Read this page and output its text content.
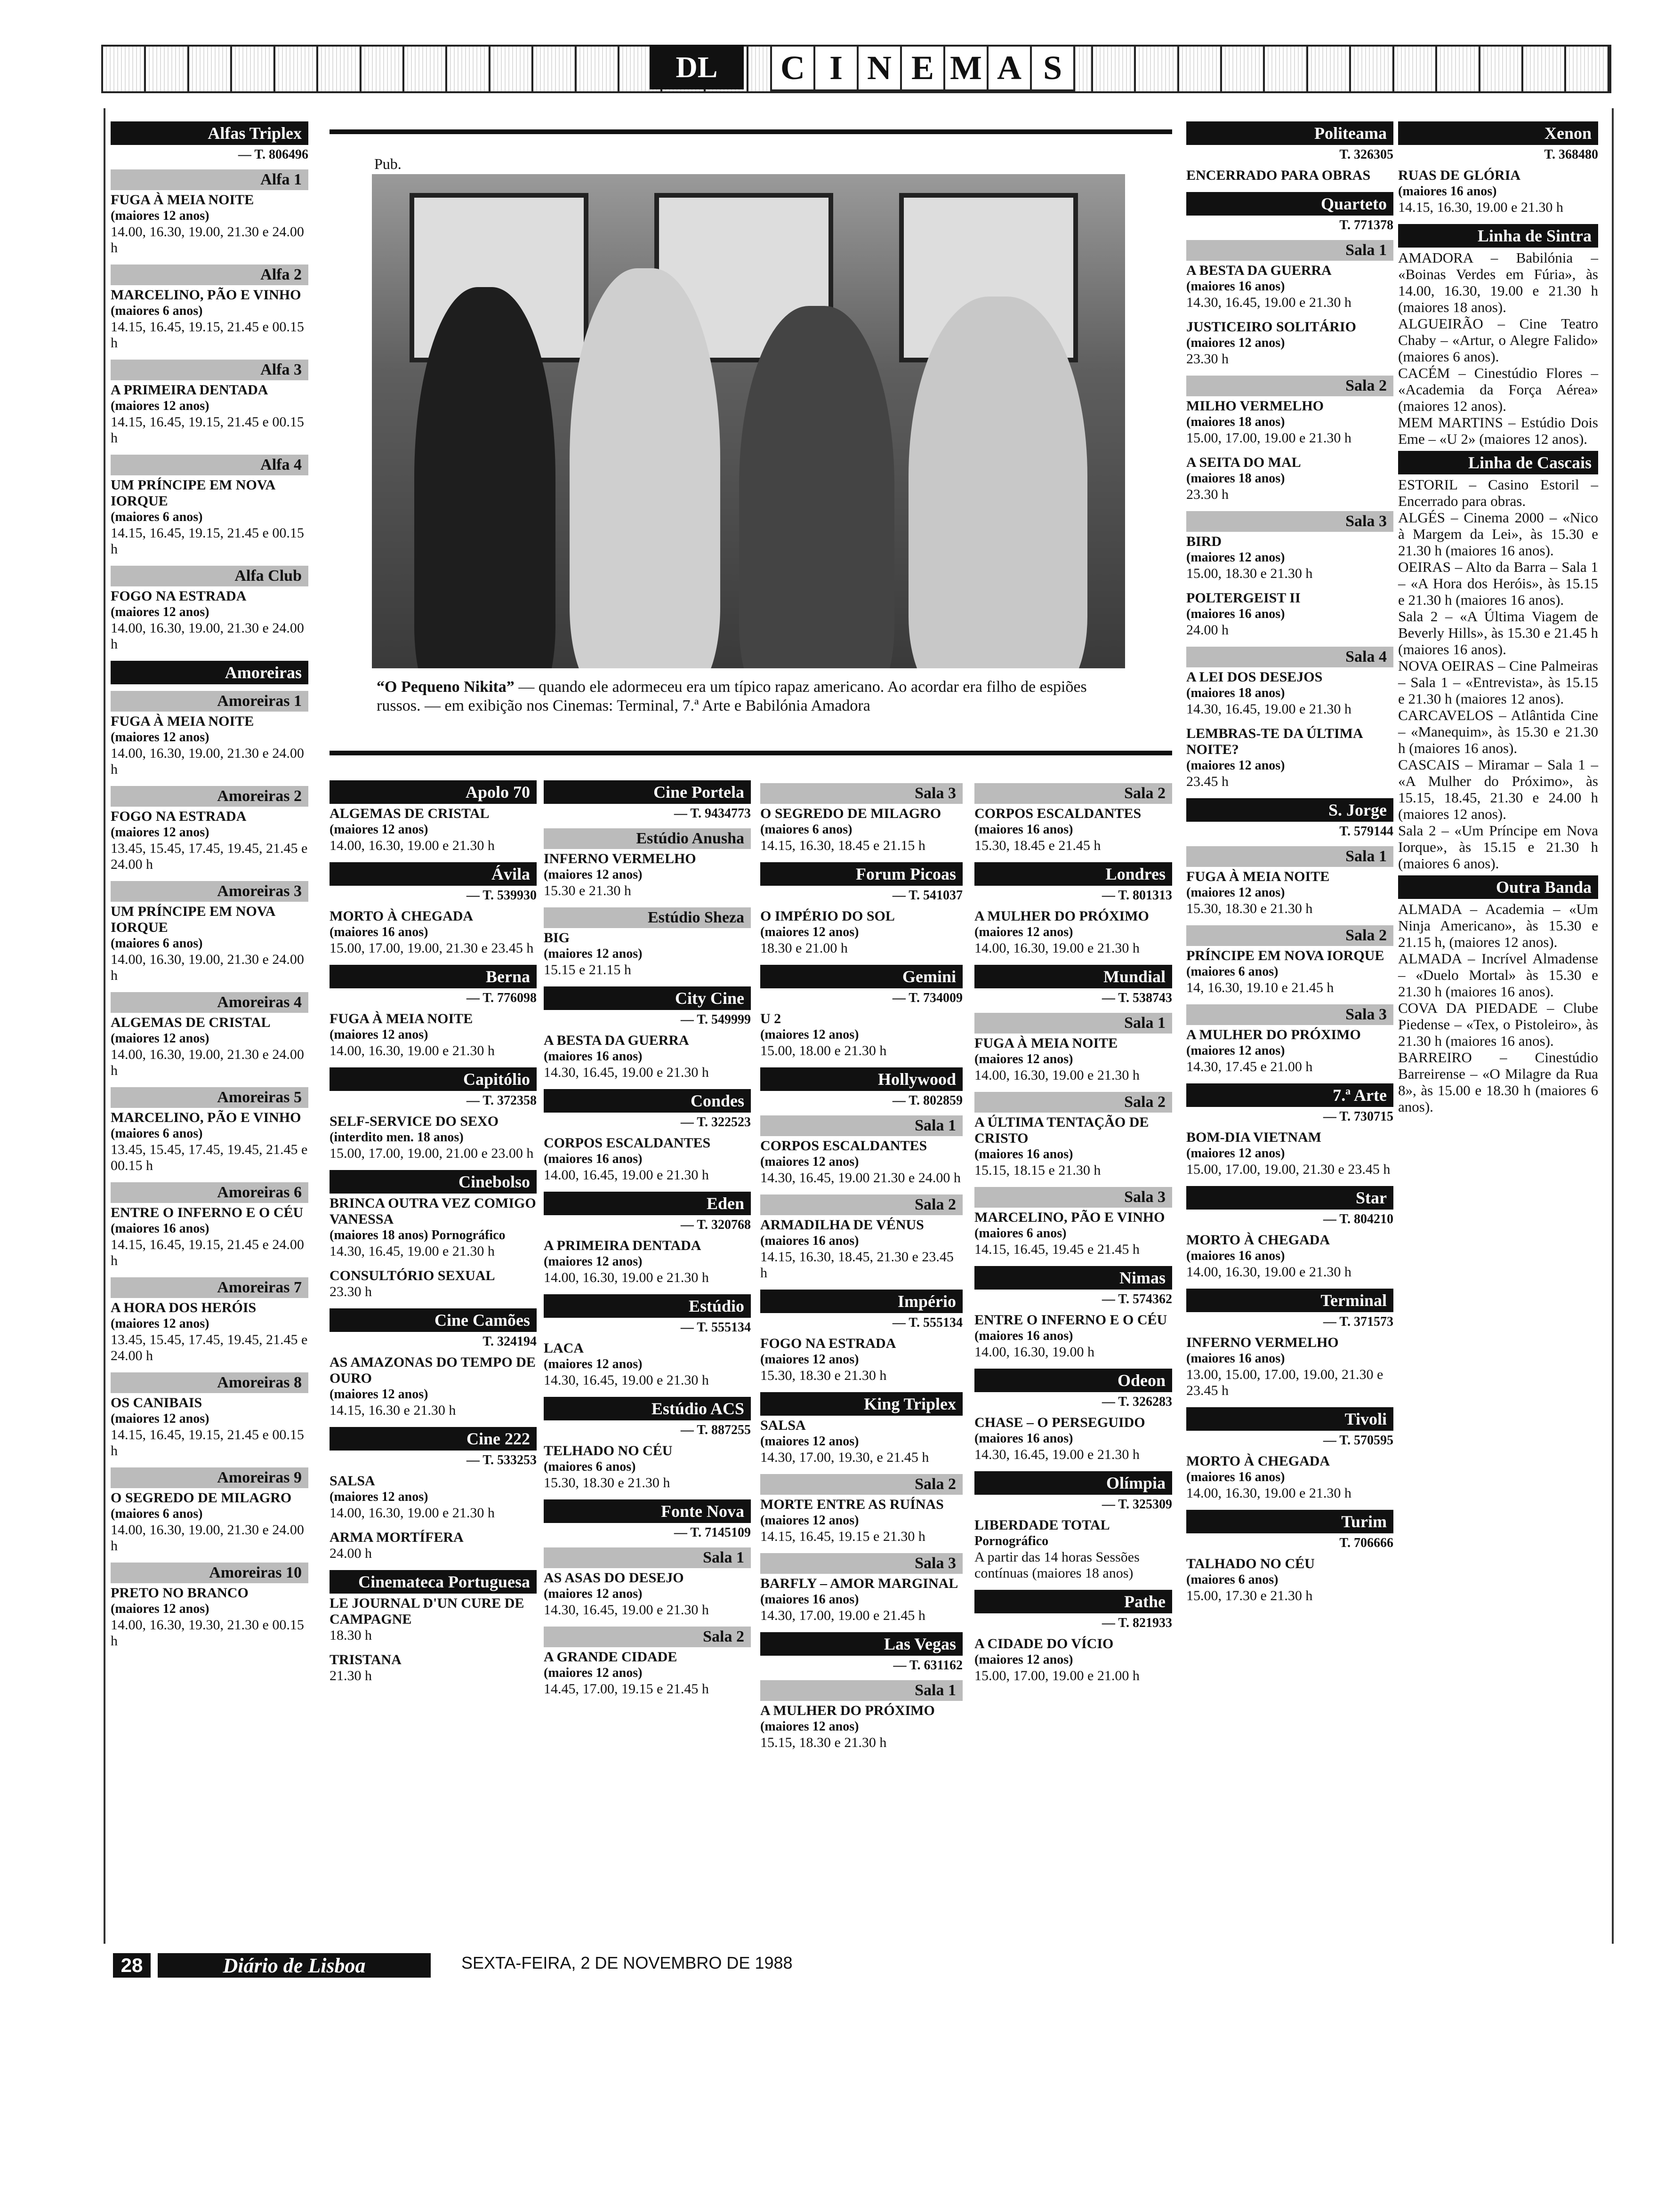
DL	C I N E M A S
Alfas Triplex
— T. 806496
Alfa 1

FUGA À MEIA NOITE

(maiores 12 anos)

14.00, 16.30, 19.00, 21.30 e 24.00 h

Alfa 2

MARCELINO, PÃO E VINHO

(maiores 6 anos)

14.15, 16.45, 19.15, 21.45 e 00.15 h

Alfa 3

A PRIMEIRA DENTADA

(maiores 12 anos)

14.15, 16.45, 19.15, 21.45 e 00.15 h

Alfa 4

UM PRÍNCIPE EM NOVA IORQUE

(maiores 6 anos)

14.15, 16.45, 19.15, 21.45 e 00.15 h

Alfa Club

FOGO NA ESTRADA

(maiores 12 anos)

14.00, 16.30, 19.00, 21.30 e 24.00 h

Amoreiras
Amoreiras 1

FUGA À MEIA NOITE

(maiores 12 anos)

14.00, 16.30, 19.00, 21.30 e 24.00 h

Amoreiras 2

FOGO NA ESTRADA

(maiores 12 anos)

13.45, 15.45, 17.45, 19.45, 21.45 e 24.00 h

Amoreiras 3

UM PRÍNCIPE EM NOVA IORQUE

(maiores 6 anos)

14.00, 16.30, 19.00, 21.30 e 24.00 h

Amoreiras 4

ALGEMAS DE CRISTAL

(maiores 12 anos)

14.00, 16.30, 19.00, 21.30 e 24.00 h

Amoreiras 5

MARCELINO, PÃO E VINHO

(maiores 6 anos)

13.45, 15.45, 17.45, 19.45, 21.45 e 00.15 h

Amoreiras 6

ENTRE O INFERNO E O CÉU

(maiores 16 anos)

14.15, 16.45, 19.15, 21.45 e 24.00 h

Amoreiras 7

A HORA DOS HERÓIS

(maiores 12 anos)

13.45, 15.45, 17.45, 19.45, 21.45 e 24.00 h

Amoreiras 8

OS CANIBAIS

(maiores 12 anos)

14.15, 16.45, 19.15, 21.45 e 00.15 h

Amoreiras 9

O SEGREDO DE MILAGRO

(maiores 6 anos)

14.00, 16.30, 19.00, 21.30 e 24.00 h

Amoreiras 10

PRETO NO BRANCO

(maiores 12 anos)

14.00, 16.30, 19.30, 21.30 e 00.15 h

Apolo 70

ALGEMAS DE CRISTAL

(maiores 12 anos)

14.00, 16.30, 19.00 e 21.30 h

Ávila
— T. 539930

MORTO À CHEGADA

(maiores 16 anos)

15.00, 17.00, 19.00, 21.30 e 23.45 h

Berna
— T. 776098

FUGA À MEIA NOITE

(maiores 12 anos)

14.00, 16.30, 19.00 e 21.30 h

Capitólio
— T. 372358

SELF-SERVICE DO SEXO

(interdito men. 18 anos)

15.00, 17.00, 19.00, 21.00 e 23.00 h

Cinebolso

BRINCA OUTRA VEZ COMIGO VANESSA

(maiores 18 anos) Pornográfico

14.30, 16.45, 19.00 e 21.30 h

CONSULTÓRIO SEXUAL

23.30 h

Cine Camões
T. 324194

AS AMAZONAS DO TEMPO DE OURO

(maiores 12 anos)

14.15, 16.30 e 21.30 h

Cine 222
— T. 533253

SALSA

(maiores 12 anos)

14.00, 16.30, 19.00 e 21.30 h

ARMA MORTÍFERA

24.00 h

Cinemateca Portuguesa

LE JOURNAL D'UN CURE DE CAMPAGNE

18.30 h

TRISTANA

21.30 h

Cine Portela
— T. 9434773
Estúdio Anusha

INFERNO VERMELHO

(maiores 12 anos)

15.30 e 21.30 h

Estúdio Sheza

BIG

(maiores 12 anos)

15.15 e 21.15 h

City Cine
— T. 549999

A BESTA DA GUERRA

(maiores 16 anos)

14.30, 16.45, 19.00 e 21.30 h

Condes
— T. 322523

CORPOS ESCALDANTES

(maiores 16 anos)

14.00, 16.45, 19.00 e 21.30 h

Eden
— T. 320768

A PRIMEIRA DENTADA

(maiores 12 anos)

14.00, 16.30, 19.00 e 21.30 h

Estúdio
— T. 555134

LACA

(maiores 12 anos)

14.30, 16.45, 19.00 e 21.30 h

Estúdio ACS
— T. 887255

TELHADO NO CÉU

(maiores 6 anos)

15.30, 18.30 e 21.30 h

Fonte Nova
— T. 7145109
Sala 1

AS ASAS DO DESEJO

(maiores 12 anos)

14.30, 16.45, 19.00 e 21.30 h

Sala 2

A GRANDE CIDADE

(maiores 12 anos)

14.45, 17.00, 19.15 e 21.45 h

Sala 3

O SEGREDO DE MILAGRO

(maiores 6 anos)

14.15, 16.30, 18.45 e 21.15 h

Forum Picoas
— T. 541037

O IMPÉRIO DO SOL

(maiores 12 anos)

18.30 e 21.00 h

Gemini
— T. 734009

U 2

(maiores 12 anos)

15.00, 18.00 e 21.30 h

Hollywood
— T. 802859
Sala 1

CORPOS ESCALDANTES

(maiores 12 anos)

14.30, 16.45, 19.00 21.30 e 24.00 h

Sala 2

ARMADILHA DE VÉNUS

(maiores 16 anos)

14.15, 16.30, 18.45, 21.30 e 23.45 h

Império
— T. 555134

FOGO NA ESTRADA

(maiores 12 anos)

15.30, 18.30 e 21.30 h

King Triplex

SALSA

(maiores 12 anos)

14.30, 17.00, 19.30, e 21.45 h

Sala 2

MORTE ENTRE AS RUÍNAS

(maiores 12 anos)

14.15, 16.45, 19.15 e 21.30 h

Sala 3

BARFLY – AMOR MARGINAL

(maiores 16 anos)

14.30, 17.00, 19.00 e 21.45 h

Las Vegas
— T. 631162
Sala 1

A MULHER DO PRÓXIMO

(maiores 12 anos)

15.15, 18.30 e 21.30 h

Sala 2

CORPOS ESCALDANTES

(maiores 16 anos)

15.30, 18.45 e 21.45 h

Londres
— T. 801313

A MULHER DO PRÓXIMO

(maiores 12 anos)

14.00, 16.30, 19.00 e 21.30 h

Mundial
— T. 538743
Sala 1

FUGA À MEIA NOITE

(maiores 12 anos)

14.00, 16.30, 19.00 e 21.30 h

Sala 2

A ÚLTIMA TENTAÇÃO DE CRISTO

(maiores 16 anos)

15.15, 18.15 e 21.30 h

Sala 3

MARCELINO, PÃO E VINHO

(maiores 6 anos)

14.15, 16.45, 19.45 e 21.45 h

Nimas
— T. 574362

ENTRE O INFERNO E O CÉU

(maiores 16 anos)

14.00, 16.30, 19.00 h

Odeon
— T. 326283

CHASE – O PERSEGUIDO

(maiores 16 anos)

14.30, 16.45, 19.00 e 21.30 h

Olímpia
— T. 325309

LIBERDADE TOTAL

Pornográfico

A partir das 14 horas Sessões contínuas (maiores 18 anos)

Pathe
— T. 821933

A CIDADE DO VÍCIO

(maiores 12 anos)

15.00, 17.00, 19.00 e 21.00 h

Politeama
T. 326305

ENCERRADO PARA OBRAS

Quarteto
T. 771378
Sala 1

A BESTA DA GUERRA

(maiores 16 anos)

14.30, 16.45, 19.00 e 21.30 h

JUSTICEIRO SOLITÁRIO

(maiores 12 anos)

23.30 h

Sala 2

MILHO VERMELHO

(maiores 18 anos)

15.00, 17.00, 19.00 e 21.30 h

A SEITA DO MAL

(maiores 18 anos)

23.30 h

Sala 3

BIRD

(maiores 12 anos)

15.00, 18.30 e 21.30 h

POLTERGEIST II

(maiores 16 anos)

24.00 h

Sala 4

A LEI DOS DESEJOS

(maiores 18 anos)

14.30, 16.45, 19.00 e 21.30 h

LEMBRAS-TE DA ÚLTIMA NOITE?

(maiores 12 anos)

23.45 h

S. Jorge
T. 579144
Sala 1

FUGA À MEIA NOITE

(maiores 12 anos)

15.30, 18.30 e 21.30 h

Sala 2

PRÍNCIPE EM NOVA IORQUE

(maiores 6 anos)

14, 16.30, 19.10 e 21.45 h

Sala 3

A MULHER DO PRÓXIMO

(maiores 12 anos)

14.30, 17.45 e 21.00 h

7.ª Arte
— T. 730715

BOM-DIA VIETNAM

(maiores 12 anos)

15.00, 17.00, 19.00, 21.30 e 23.45 h

Star
— T. 804210

MORTO À CHEGADA

(maiores 16 anos)

14.00, 16.30, 19.00 e 21.30 h

Terminal
— T. 371573

INFERNO VERMELHO

(maiores 16 anos)

13.00, 15.00, 17.00, 19.00, 21.30 e 23.45 h

Tivoli
— T. 570595

MORTO À CHEGADA

(maiores 16 anos)

14.00, 16.30, 19.00 e 21.30 h

Turim
T. 706666

TALHADO NO CÉU

(maiores 6 anos)

15.00, 17.30 e 21.30 h

Xenon
T. 368480

RUAS DE GLÓRIA

(maiores 16 anos)

14.15, 16.30, 19.00 e 21.30 h

Linha de Sintra

AMADORA – Babilónia – «Boinas Verdes em Fúria», às 14.00, 16.30, 19.00 e 21.30 h (maiores 18 anos).

ALGUEIRÃO – Cine Teatro Chaby – «Artur, o Alegre Falido» (maiores 6 anos).

CACÉM – Cinestúdio Flores – «Academia da Força Aérea» (maiores 12 anos).

MEM MARTINS – Estúdio Dois Eme – «U 2» (maiores 12 anos).

Linha de Cascais

ESTORIL – Casino Estoril – Encerrado para obras.

ALGÉS – Cinema 2000 – «Nico à Margem da Lei», às 15.30 e 21.30 h (maiores 16 anos).

OEIRAS – Alto da Barra – Sala 1 – «A Hora dos Heróis», às 15.15 e 21.30 h (maiores 16 anos).

Sala 2 – «A Última Viagem de Beverly Hills», às 15.30 e 21.45 h (maiores 16 anos).

NOVA OEIRAS – Cine Palmeiras – Sala 1 – «Entrevista», às 15.15 e 21.30 h (maiores 12 anos).

CARCAVELOS – Atlântida Cine – «Manequim», às 15.30 e 21.30 h (maiores 16 anos).

CASCAIS – Miramar – Sala 1 – «A Mulher do Próximo», às 15.15, 18.45, 21.30 e 24.00 h (maiores 12 anos).

Sala 2 – «Um Príncipe em Nova Iorque», às 15.15 e 21.30 h (maiores 6 anos).

Outra Banda

ALMADA – Academia – «Um Ninja Americano», às 15.30 e 21.15 h, (maiores 12 anos).

ALMADA – Incrível Almadense – «Duelo Mortal» às 15.30 e 21.30 h (maiores 16 anos).

COVA DA PIEDADE – Clube Piedense – «Tex, o Pistoleiro», às 21.30 h (maiores 16 anos).

BARREIRO – Cinestúdio Barreirense – «O Milagre da Rua 8», às 15.00 e 18.30 h (maiores 6 anos).

Pub.
“O Pequeno Nikita” — quando ele adormeceu era um típico rapaz americano. Ao acordar era filho de espiões russos. — em exibição nos Cinemas: Terminal, 7.ª Arte e Babilónia Amadora
28	Diário de Lisboa	SEXTA-FEIRA, 2 DE NOVEMBRO DE 1988
